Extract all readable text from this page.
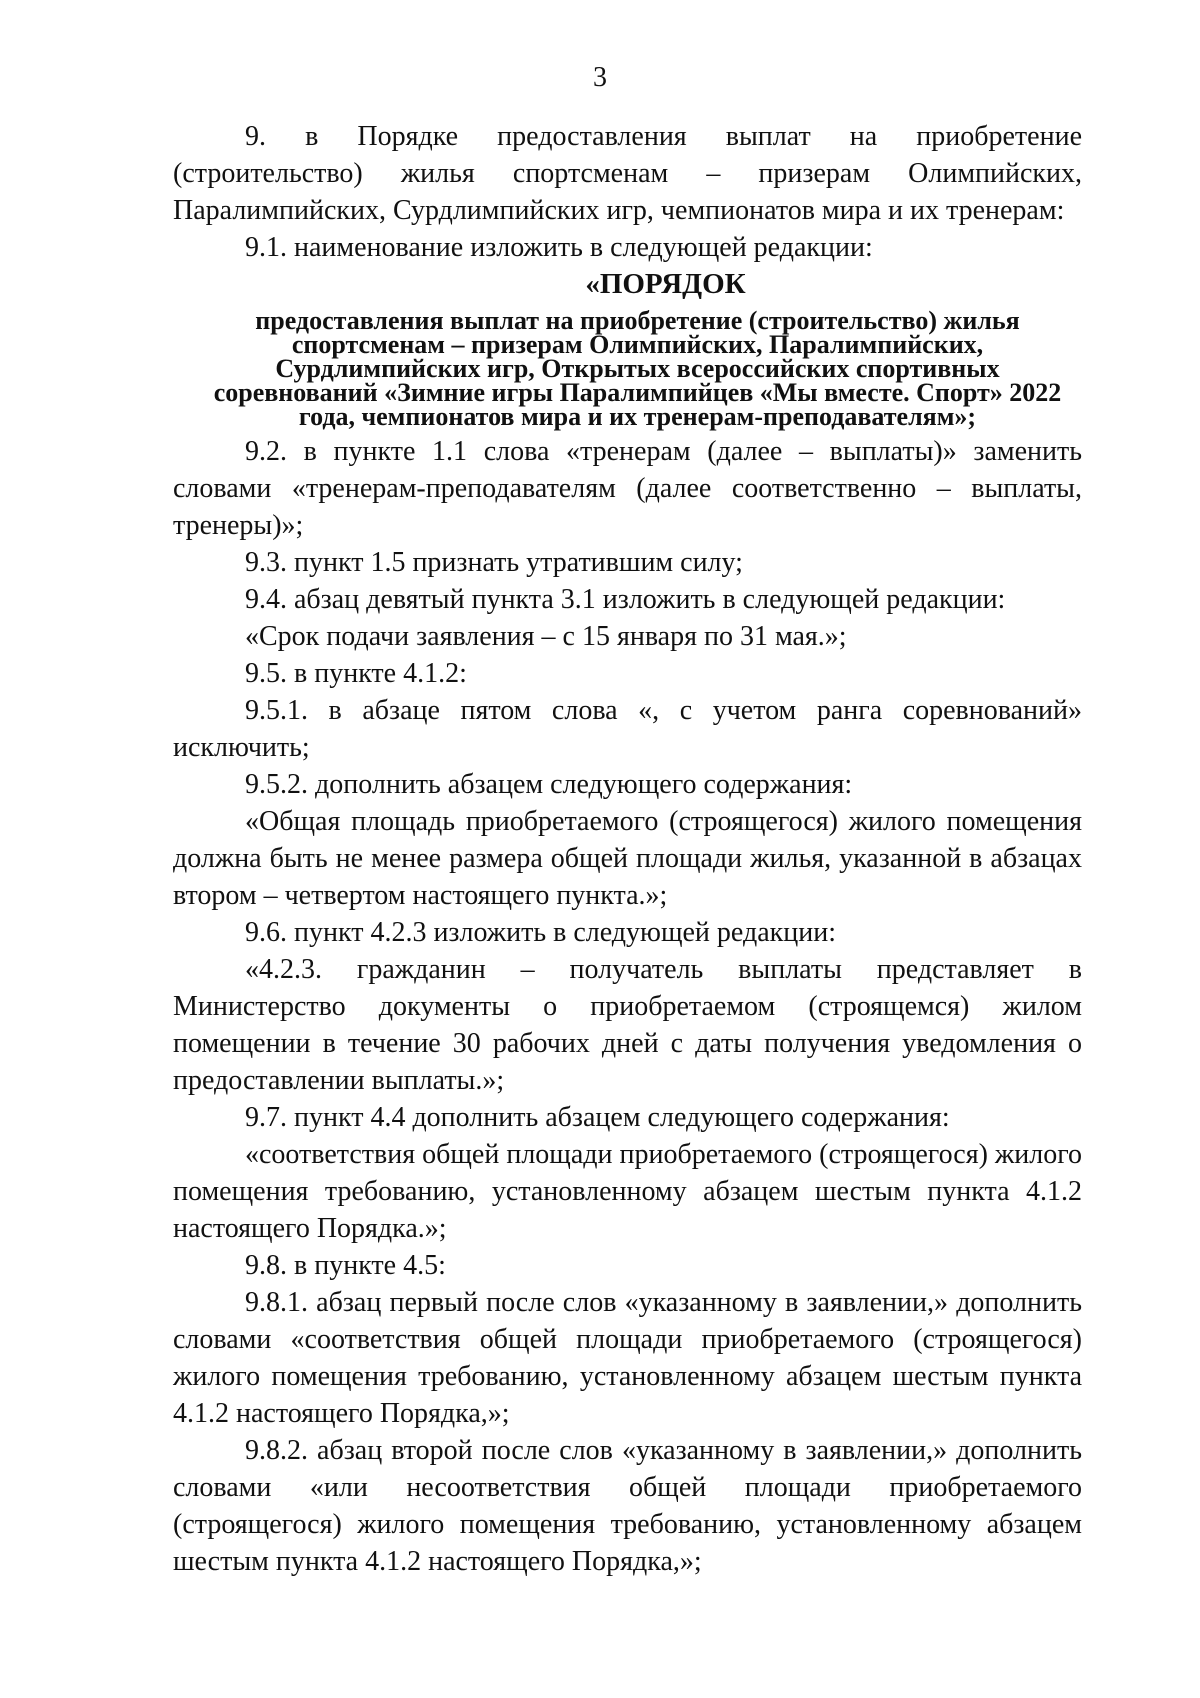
3

9. в Порядке предоставления выплат на приобретение (строительство) жилья спортсменам – призерам Олимпийских, Паралимпийских, Сурдлимпийских игр, чемпионатов мира и их тренерам:

9.1. наименование изложить в следующей редакции:

«ПОРЯДОК
предоставления выплат на приобретение (строительство) жилья спортсменам – призерам Олимпийских, Паралимпийских, Сурдлимпийских игр, Открытых всероссийских спортивных соревнований «Зимние игры Паралимпийцев «Мы вместе. Спорт» 2022 года, чемпионатов мира и их тренерам-преподавателям»;

9.2. в пункте 1.1 слова «тренерам (далее – выплаты)» заменить словами «тренерам-преподавателям (далее соответственно – выплаты, тренеры)»;

9.3. пункт 1.5 признать утратившим силу;

9.4. абзац девятый пункта 3.1 изложить в следующей редакции:

«Срок подачи заявления – с 15 января по 31 мая.»;

9.5. в пункте 4.1.2:

9.5.1. в абзаце пятом слова «, с учетом ранга соревнований» исключить;

9.5.2. дополнить абзацем следующего содержания:

«Общая площадь приобретаемого (строящегося) жилого помещения должна быть не менее размера общей площади жилья, указанной в абзацах втором – четвертом настоящего пункта.»;

9.6. пункт 4.2.3 изложить в следующей редакции:

«4.2.3. гражданин – получатель выплаты представляет в Министерство документы о приобретаемом (строящемся) жилом помещении в течение 30 рабочих дней с даты получения уведомления о предоставлении выплаты.»;

9.7. пункт 4.4 дополнить абзацем следующего содержания:

«соответствия общей площади приобретаемого (строящегося) жилого помещения требованию, установленному абзацем шестым пункта 4.1.2 настоящего Порядка.»;

9.8. в пункте 4.5:

9.8.1. абзац первый после слов «указанному в заявлении,» дополнить словами «соответствия общей площади приобретаемого (строящегося) жилого помещения требованию, установленному абзацем шестым пункта 4.1.2 настоящего Порядка,»;

9.8.2. абзац второй после слов «указанному в заявлении,» дополнить словами «или несоответствия общей площади приобретаемого (строящегося) жилого помещения требованию, установленному абзацем шестым пункта 4.1.2 настоящего Порядка,»;
